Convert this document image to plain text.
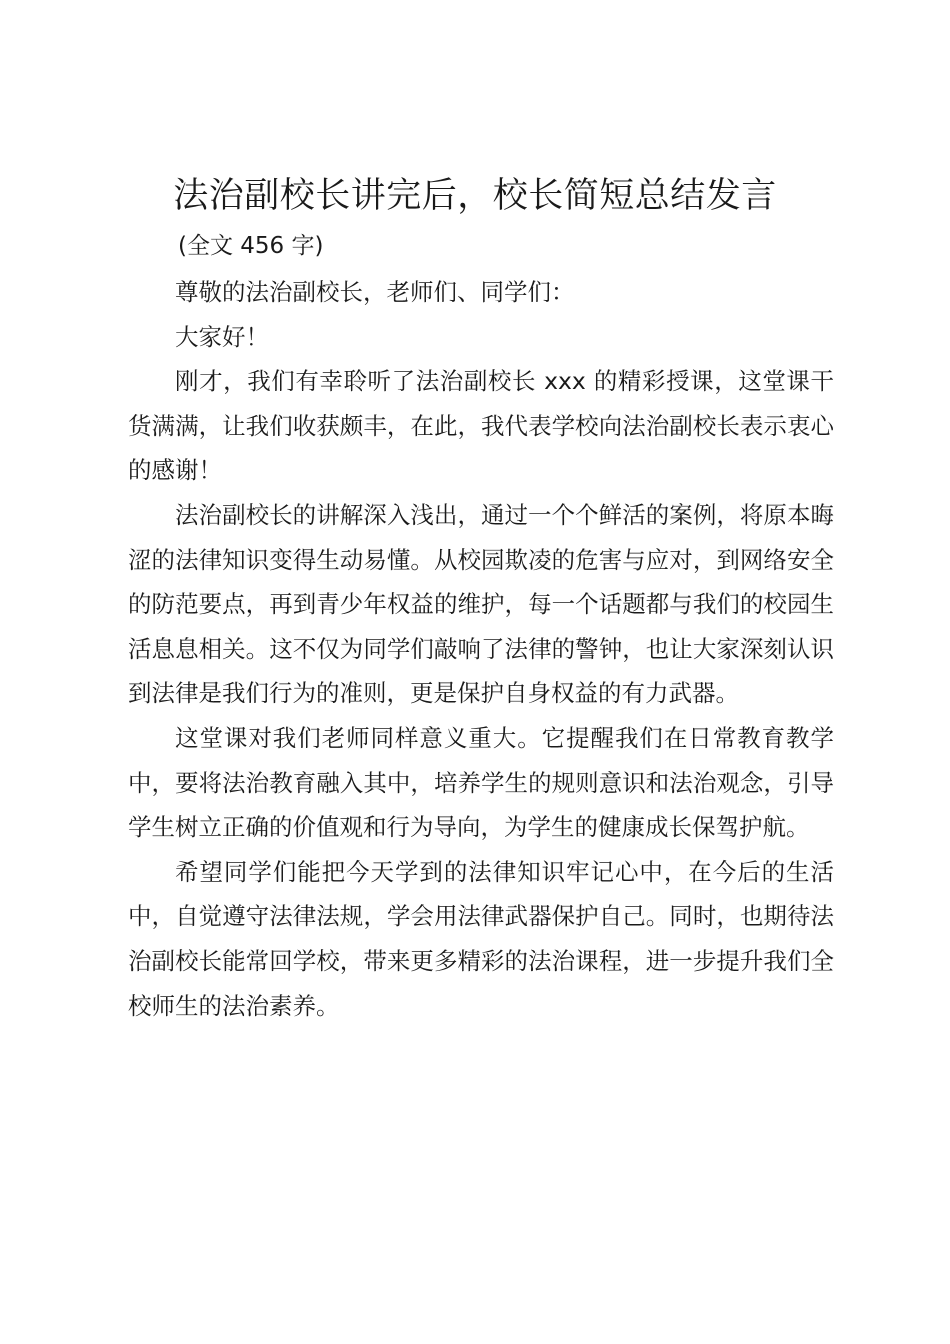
法治副校长讲完后，校长简短总结发言

(全文 456 字)

尊敬的法治副校长，老师们、同学们：

大家好！

刚才，我们有幸聆听了法治副校长 xxx 的精彩授课，这堂课干货满满，让我们收获颇丰，在此，我代表学校向法治副校长表示衷心的感谢！

法治副校长的讲解深入浅出，通过一个个鲜活的案例，将原本晦涩的法律知识变得生动易懂。从校园欺凌的危害与应对，到网络安全的防范要点，再到青少年权益的维护，每一个话题都与我们的校园生活息息相关。这不仅为同学们敲响了法律的警钟，也让大家深刻认识到法律是我们行为的准则，更是保护自身权益的有力武器。

这堂课对我们老师同样意义重大。它提醒我们在日常教育教学中，要将法治教育融入其中，培养学生的规则意识和法治观念，引导学生树立正确的价值观和行为导向，为学生的健康成长保驾护航。

希望同学们能把今天学到的法律知识牢记心中，在今后的生活中，自觉遵守法律法规，学会用法律武器保护自己。同时，也期待法治副校长能常回学校，带来更多精彩的法治课程，进一步提升我们全校师生的法治素养。
